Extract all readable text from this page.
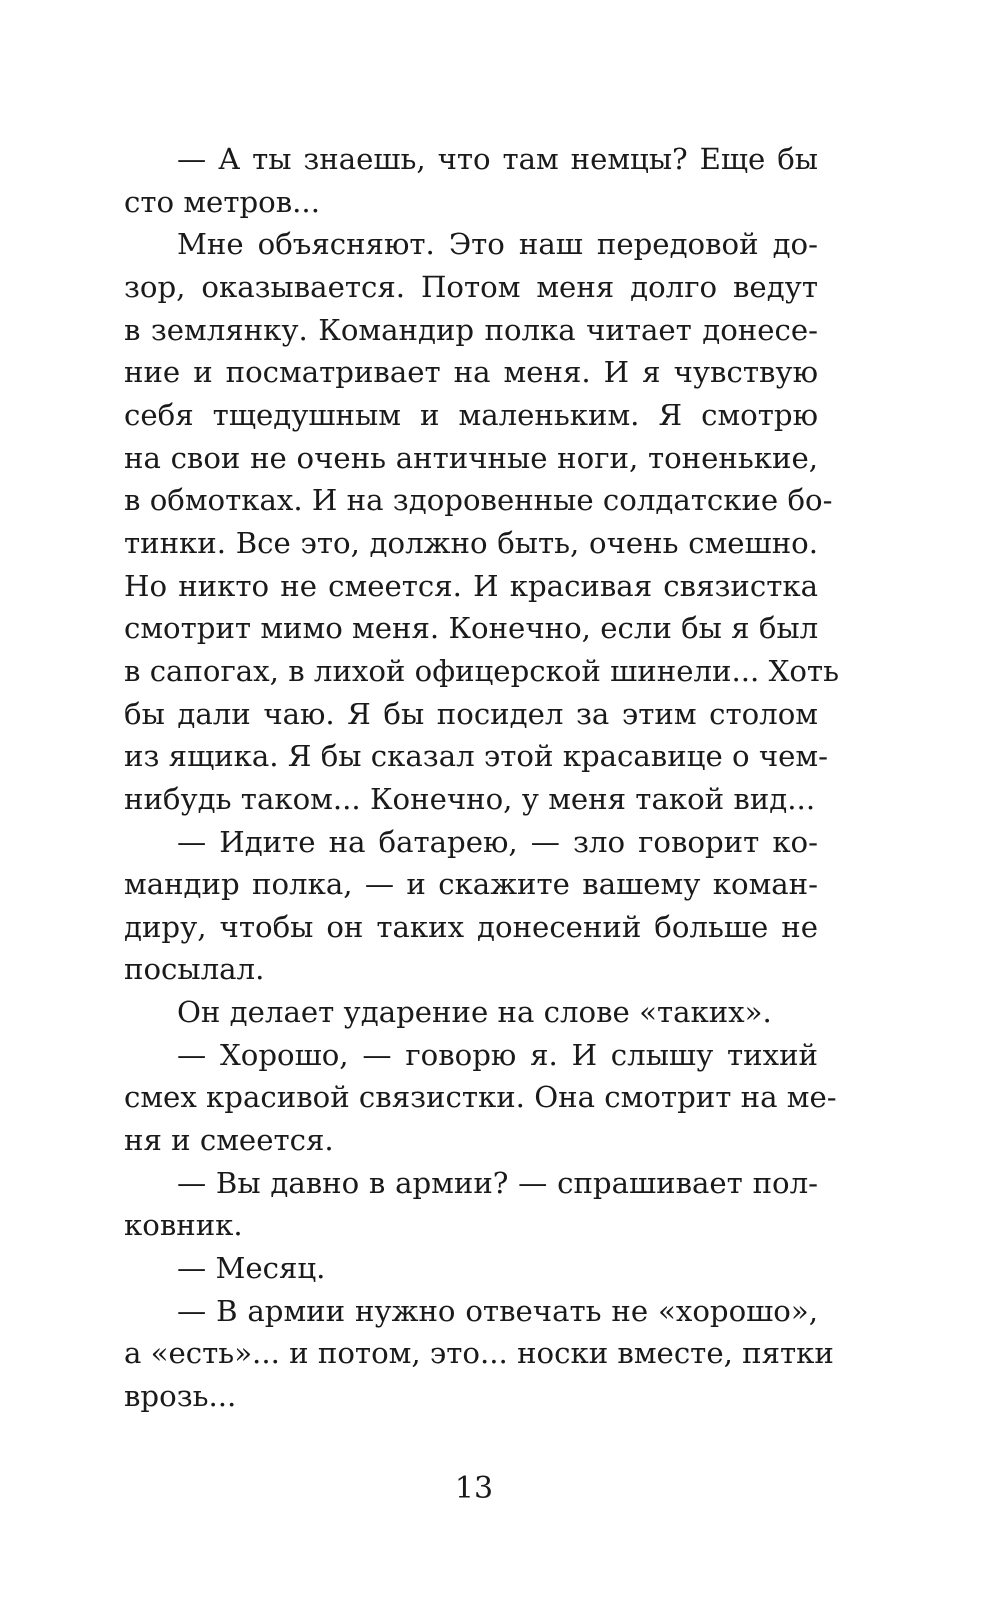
— А ты знаешь, что там немцы? Еще бы
сто метров...
Мне объясняют. Это наш передовой до-
зор, оказывается. Потом меня долго ведут
в землянку. Командир полка читает донесе-
ние и посматривает на меня. И я чувствую
себя тщедушным и маленьким. Я смотрю
на свои не очень античные ноги, тоненькие,
в обмотках. И на здоровенные солдатские бо-
тинки. Все это, должно быть, очень смешно.
Но никто не смеется. И красивая связистка
смотрит мимо меня. Конечно, если бы я был
в сапогах, в лихой офицерской шинели... Хоть
бы дали чаю. Я бы посидел за этим столом
из ящика. Я бы сказал этой красавице о чем-
нибудь таком... Конечно, у меня такой вид...
— Идите на батарею, — зло говорит ко-
мандир полка, — и скажите вашему коман-
диру, чтобы он таких донесений больше не
посылал.
Он делает ударение на слове «таких».
— Хорошо, — говорю я. И слышу тихий
смех красивой связистки. Она смотрит на ме-
ня и смеется.
— Вы давно в армии? — спрашивает пол-
ковник.
— Месяц.
— В армии нужно отвечать не «хорошо»,
а «есть»... и потом, это... носки вместе, пятки
врозь...
13
